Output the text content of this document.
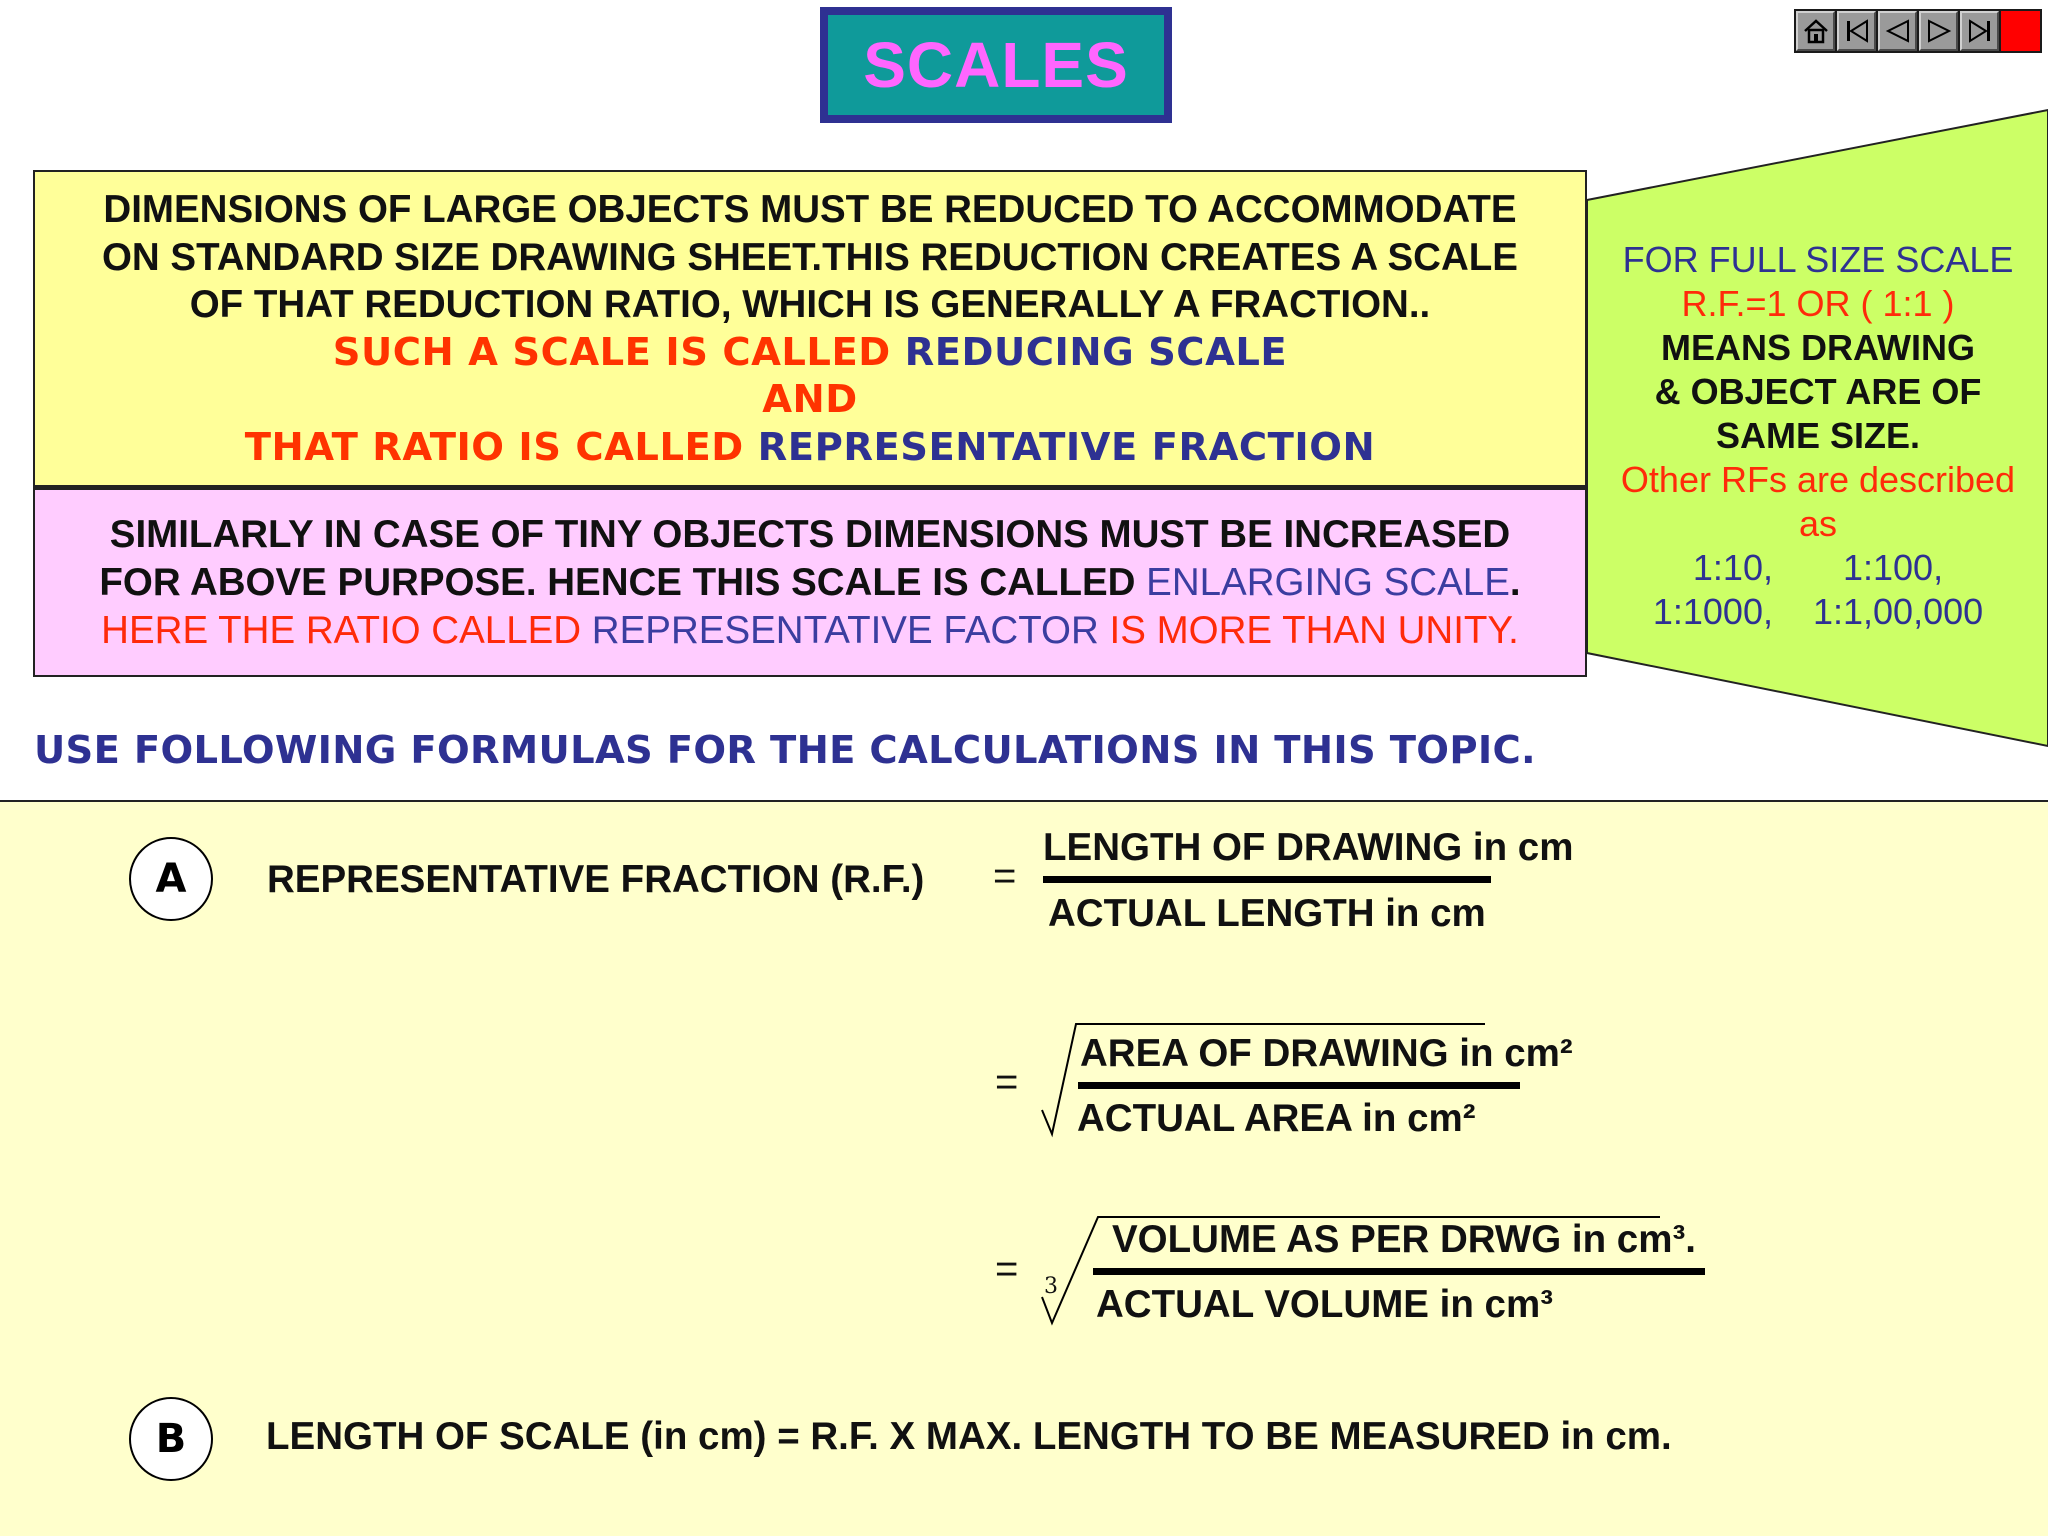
SCALES
DIMENSIONS OF LARGE OBJECTS MUST BE REDUCED TO ACCOMMODATE
ON STANDARD SIZE DRAWING SHEET.THIS REDUCTION CREATES A SCALE
OF THAT REDUCTION RATIO, WHICH IS GENERALLY A FRACTION..
SUCH A SCALE IS CALLED REDUCING SCALE
AND
THAT RATIO IS CALLED REPRESENTATIVE FRACTION
SIMILARLY IN CASE OF TINY OBJECTS DIMENSIONS MUST BE INCREASED
FOR ABOVE PURPOSE. HENCE THIS SCALE IS CALLED ENLARGING SCALE.
HERE THE RATIO CALLED REPRESENTATIVE FACTOR IS MORE THAN UNITY.
FOR FULL SIZE SCALE
R.F.=1 OR ( 1:1 )
MEANS DRAWING
& OBJECT ARE OF
SAME SIZE.
Other RFs are described
as
1:10, 1:100,
1:1000, 1:1,00,000
USE FOLLOWING FORMULAS FOR THE CALCULATIONS IN THIS TOPIC.
A	REPRESENTATIVE FRACTION (R.F.) =
LENGTH OF DRAWING in cm
ACTUAL LENGTH in cm
=
AREA OF DRAWING in cm²
ACTUAL AREA in cm²
= 3
VOLUME AS PER DRWG in cm³.
ACTUAL VOLUME in cm³
B	LENGTH OF SCALE (in cm) = R.F. X MAX. LENGTH TO BE MEASURED in cm.
